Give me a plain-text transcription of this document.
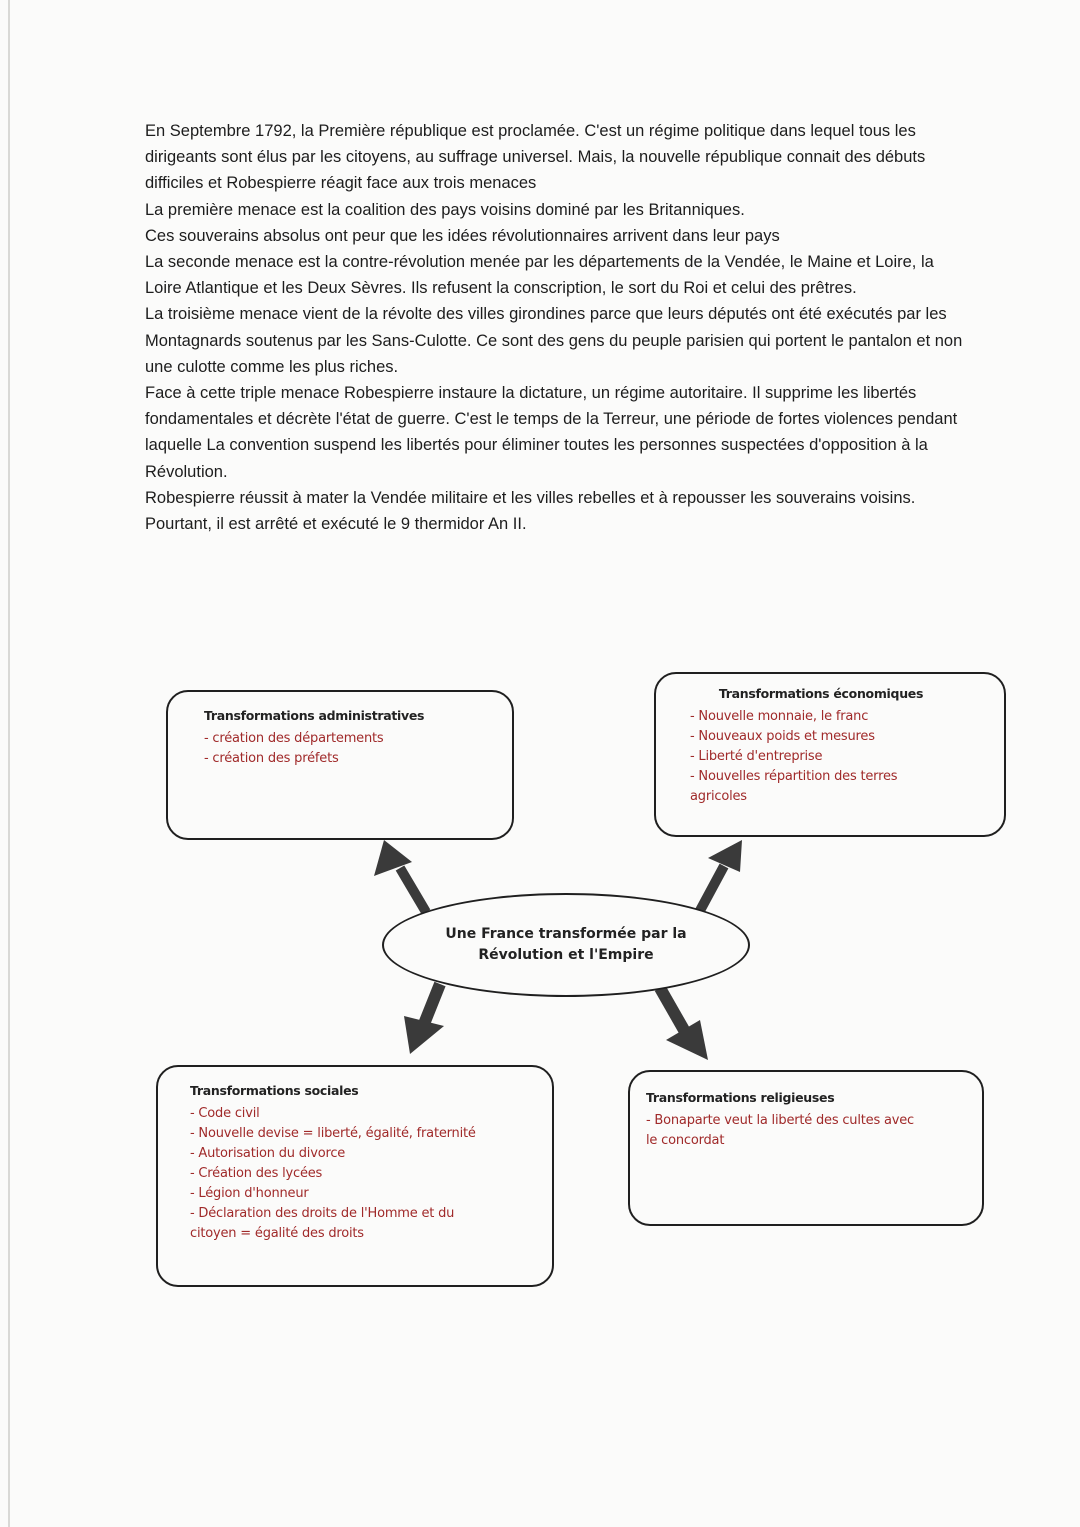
En Septembre 1792, la Première république est proclamée. C'est un régime politique dans lequel tous les dirigeants sont élus par les citoyens, au suffrage universel. Mais, la nouvelle république connait des débuts difficiles et Robespierre réagit face aux trois menaces

La première menace est la coalition des pays voisins dominé par les Britanniques.

Ces souverains absolus ont peur que les idées révolutionnaires arrivent dans leur pays

La seconde menace est la contre-révolution menée par les départements de la Vendée, le Maine et Loire, la Loire Atlantique et les Deux Sèvres. Ils refusent la conscription, le sort du Roi et celui des prêtres.

La troisième menace vient de la révolte des villes girondines parce que leurs députés ont été exécutés par les Montagnards soutenus par les Sans-Culotte. Ce sont des gens du peuple parisien qui portent le pantalon et non une culotte comme les plus riches.

Face à cette triple menace Robespierre instaure la dictature, un régime autoritaire. Il supprime les libertés fondamentales et décrète l'état de guerre. C'est le temps de la Terreur, une période de fortes violences pendant laquelle La convention suspend les libertés pour éliminer toutes les personnes suspectées d'opposition à la Révolution.

Robespierre réussit à mater la Vendée militaire et les villes rebelles et à repousser les souverains voisins. Pourtant, il est arrêté et exécuté le 9 thermidor An II.

Transformations administratives
- création des départements
- création des préfets
Transformations économiques
- Nouvelle monnaie, le franc
- Nouveaux poids et mesures
- Liberté d'entreprise
- Nouvelles répartition des terres
agricoles
Une France transformée par la
Révolution et l'Empire
Transformations sociales
- Code civil
- Nouvelle devise = liberté, égalité, fraternité
- Autorisation du divorce
- Création des lycées
- Légion d'honneur
- Déclaration des droits de l'Homme et du
citoyen = égalité des droits
Transformations religieuses
- Bonaparte veut la liberté des cultes avec
le concordat
